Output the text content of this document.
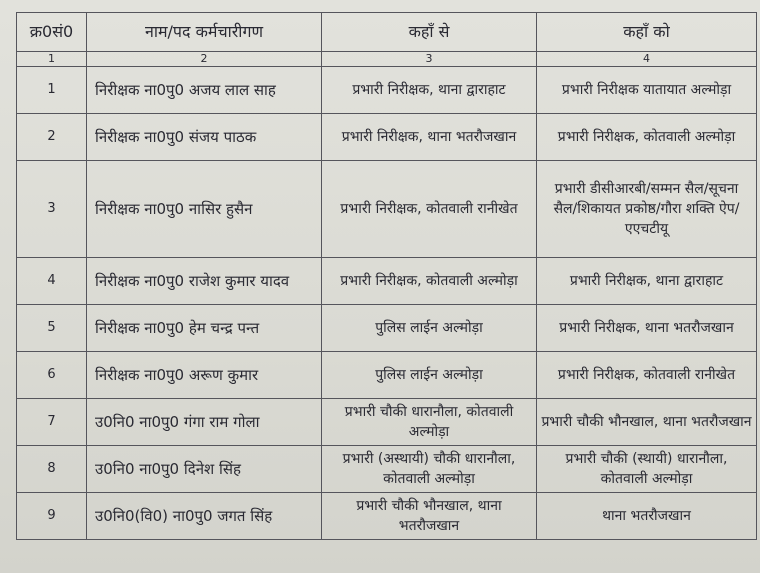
क्र0सं0	नाम/पद कर्मचारीगण	कहाँ से	कहाँ को
1	2	3	4
1	निरीक्षक ना0पु0 अजय लाल साह	प्रभारी निरीक्षक, थाना द्वाराहाट	प्रभारी निरीक्षक यातायात अल्मोड़ा
2	निरीक्षक ना0पु0 संजय पाठक	प्रभारी निरीक्षक, थाना भतरौजखान	प्रभारी निरीक्षक, कोतवाली अल्मोड़ा
3	निरीक्षक ना0पु0 नासिर हुसैन	प्रभारी निरीक्षक, कोतवाली रानीखेत	प्रभारी डीसीआरबी/सम्मन सैल/सूचना सैल/शिकायत प्रकोष्ठ/गौरा शक्ति ऐप/एएचटीयू
4	निरीक्षक ना0पु0 राजेश कुमार यादव	प्रभारी निरीक्षक, कोतवाली अल्मोड़ा	प्रभारी निरीक्षक, थाना द्वाराहाट
5	निरीक्षक ना0पु0 हेम चन्द्र पन्त	पुलिस लाईन अल्मोड़ा	प्रभारी निरीक्षक, थाना भतरौजखान
6	निरीक्षक ना0पु0 अरूण कुमार	पुलिस लाईन अल्मोड़ा	प्रभारी निरीक्षक, कोतवाली रानीखेत
7	उ0नि0 ना0पु0 गंगा राम गोला	प्रभारी चौकी धारानौला, कोतवाली अल्मोड़ा	प्रभारी चौकी भौनखाल, थाना भतरौजखान
8	उ0नि0 ना0पु0 दिनेश सिंह	प्रभारी (अस्थायी) चौकी धारानौला, कोतवाली अल्मोड़ा	प्रभारी चौकी (स्थायी) धारानौला, कोतवाली अल्मोड़ा
9	उ0नि0(वि0) ना0पु0 जगत सिंह	प्रभारी चौकी भौनखाल, थाना भतरौजखान	थाना भतरौजखान
